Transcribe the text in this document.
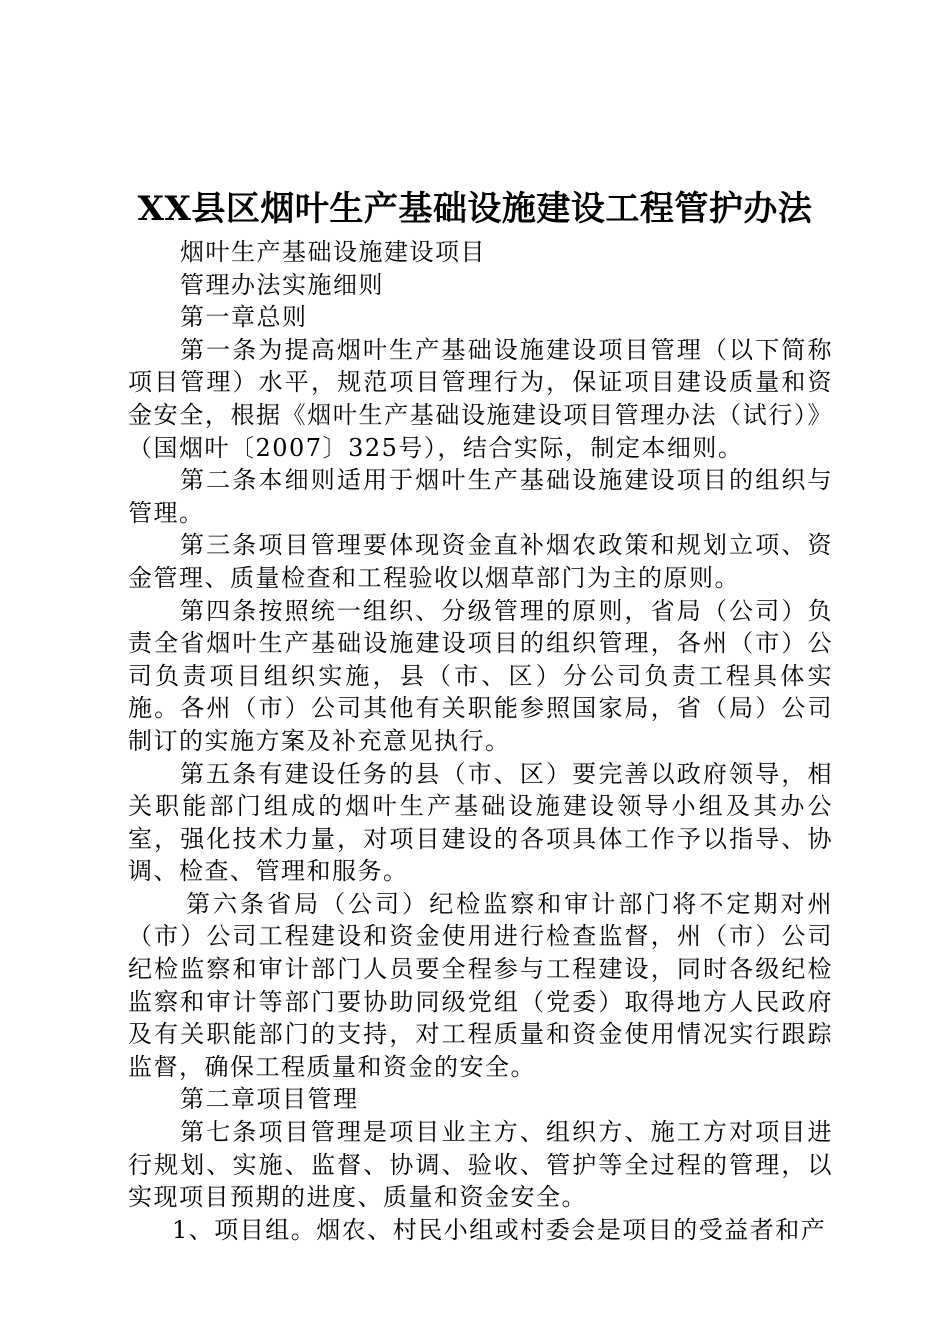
XX县区烟叶生产基础设施建设工程管护办法

烟叶生产基础设施建设项目

管理办法实施细则

第一章总则

第一条为提高烟叶生产基础设施建设项目管理（以下简称项目管理）水平，规范项目管理行为，保证项目建设质量和资金安全，根据《烟叶生产基础设施建设项目管理办法（试行）》（国烟叶〔2007〕325号），结合实际，制定本细则。

第二条本细则适用于烟叶生产基础设施建设项目的组织与管理。

第三条项目管理要体现资金直补烟农政策和规划立项、资金管理、质量检查和工程验收以烟草部门为主的原则。

第四条按照统一组织、分级管理的原则，省局（公司）负责全省烟叶生产基础设施建设项目的组织管理，各州（市）公司负责项目组织实施，县（市、区）分公司负责工程具体实施。各州（市）公司其他有关职能参照国家局，省（局）公司制订的实施方案及补充意见执行。

第五条有建设任务的县（市、区）要完善以政府领导，相关职能部门组成的烟叶生产基础设施建设领导小组及其办公室，强化技术力量，对项目建设的各项具体工作予以指导、协调、检查、管理和服务。

第六条省局（公司）纪检监察和审计部门将不定期对州（市）公司工程建设和资金使用进行检查监督，州（市）公司纪检监察和审计部门人员要全程参与工程建设，同时各级纪检监察和审计等部门要协助同级党组（党委）取得地方人民政府及有关职能部门的支持，对工程质量和资金使用情况实行跟踪监督，确保工程质量和资金的安全。

第二章项目管理

第七条项目管理是项目业主方、组织方、施工方对项目进行规划、实施、监督、协调、验收、管护等全过程的管理，以实现项目预期的进度、质量和资金安全。

1、项目组。烟农、村民小组或村委会是项目的受益者和产
